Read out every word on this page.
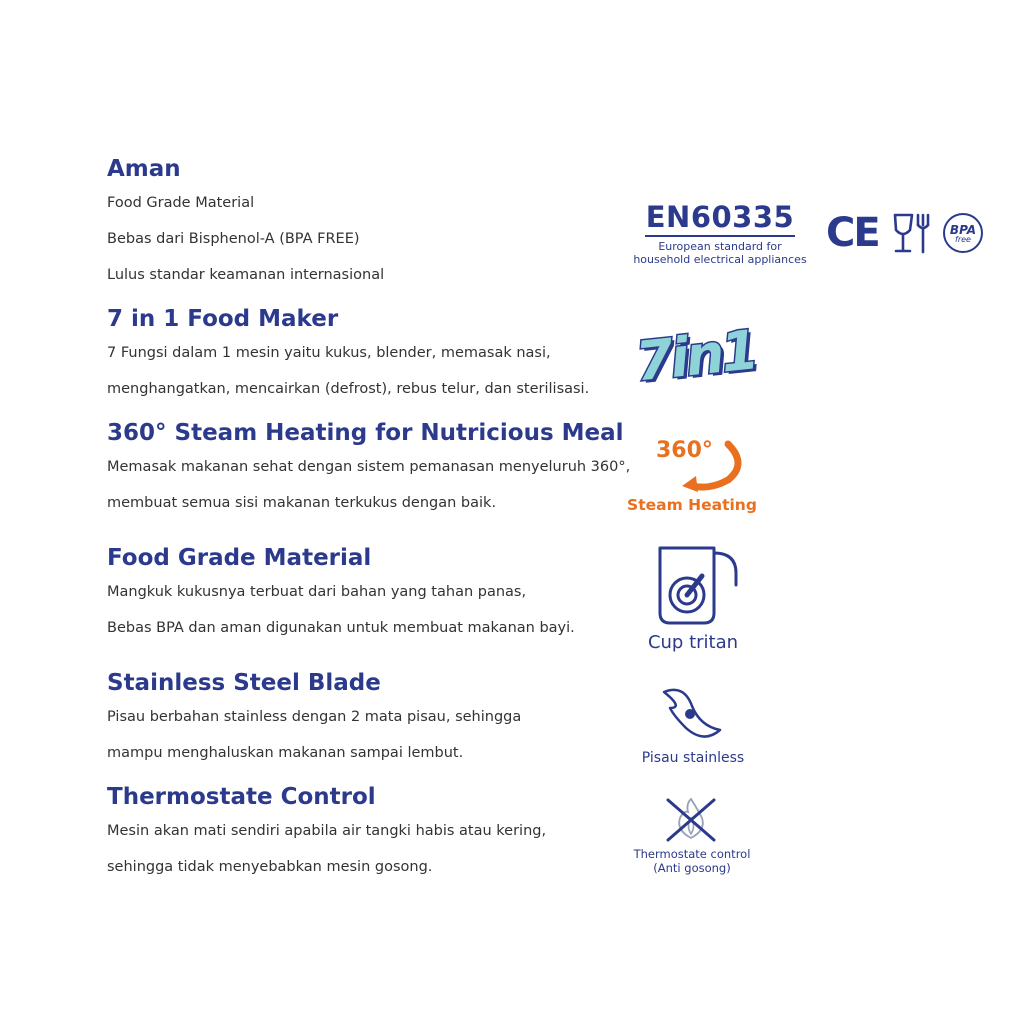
Aman
Food Grade Material
Bebas dari Bisphenol-A (BPA FREE)
Lulus standar keamanan internasional
7 in 1 Food Maker
7 Fungsi dalam 1 mesin yaitu kukus, blender, memasak nasi,
menghangatkan, mencairkan (defrost), rebus telur, dan sterilisasi.
360° Steam Heating for Nutricious Meal
Memasak makanan sehat dengan sistem pemanasan menyeluruh 360°,
membuat semua sisi makanan terkukus dengan baik.
Food Grade Material
Mangkuk kukusnya terbuat dari bahan yang tahan panas,
Bebas BPA dan aman digunakan untuk membuat makanan bayi.
Stainless Steel Blade
Pisau berbahan stainless dengan 2 mata pisau, sehingga
mampu menghaluskan makanan sampai lembut.
Thermostate Control
Mesin akan mati sendiri apabila air tangki habis atau kering,
sehingga tidak menyebabkan mesin gosong.
EN60335
European standard for
household electrical appliances
CE	BPA
free
7in1
360°
Steam Heating
Cup tritan
Pisau stainless
Thermostate control
(Anti gosong)
